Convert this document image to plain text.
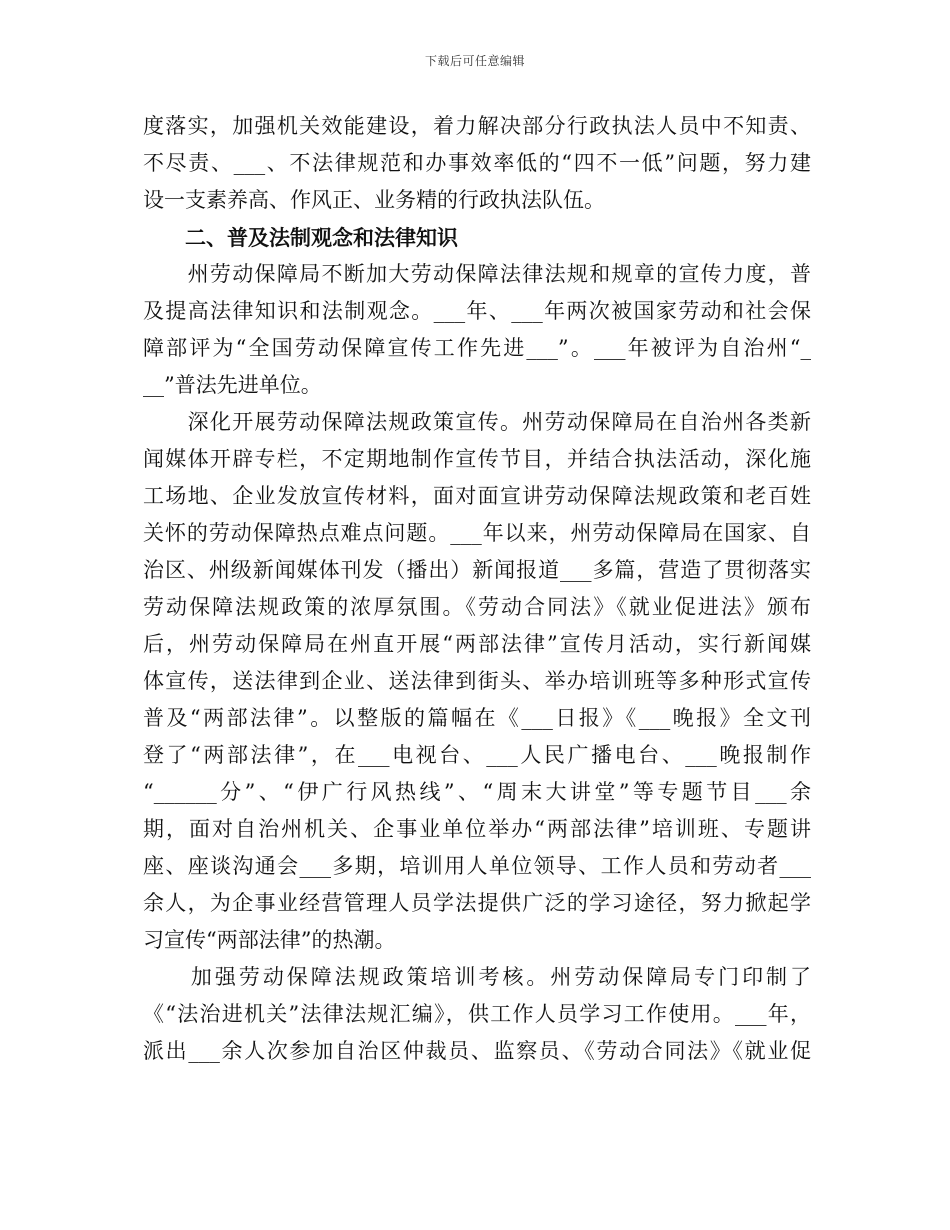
下载后可任意编辑
度落实，加强机关效能建设，着力解决部分行政执法人员中不知责、
不尽责、___、不法律规范和办事效率低的“四不一低”问题，努力建
设一支素养高、作风正、业务精的行政执法队伍。
　　二、普及法制观念和法律知识
　　州劳动保障局不断加大劳动保障法律法规和规章的宣传力度，普
及提高法律知识和法制观念。___年、___年两次被国家劳动和社会保
障部评为“全国劳动保障宣传工作先进___”。___年被评为自治州“_
__”普法先进单位。
　　深化开展劳动保障法规政策宣传。州劳动保障局在自治州各类新
闻媒体开辟专栏，不定期地制作宣传节目，并结合执法活动，深化施
工场地、企业发放宣传材料，面对面宣讲劳动保障法规政策和老百姓
关怀的劳动保障热点难点问题。___年以来，州劳动保障局在国家、自
治区、州级新闻媒体刊发（播出）新闻报道___多篇，营造了贯彻落实
劳动保障法规政策的浓厚氛围。《劳动合同法》《就业促进法》颁布
后，州劳动保障局在州直开展“两部法律”宣传月活动，实行新闻媒
体宣传，送法律到企业、送法律到街头、举办培训班等多种形式宣传
普及“两部法律”。以整版的篇幅在《___日报》《___晚报》全文刊
登了“两部法律”，在___电视台、___人民广播电台、___晚报制作
“______分”、“伊广行风热线”、“周末大讲堂”等专题节目___余
期，面对自治州机关、企事业单位举办“两部法律”培训班、专题讲
座、座谈沟通会___多期，培训用人单位领导、工作人员和劳动者___
余人，为企事业经营管理人员学法提供广泛的学习途径，努力掀起学
习宣传“两部法律”的热潮。
　　加强劳动保障法规政策培训考核。州劳动保障局专门印制了
《“法治进机关”法律法规汇编》，供工作人员学习工作使用。___年，
派出___余人次参加自治区仲裁员、监察员、《劳动合同法》《就业促
